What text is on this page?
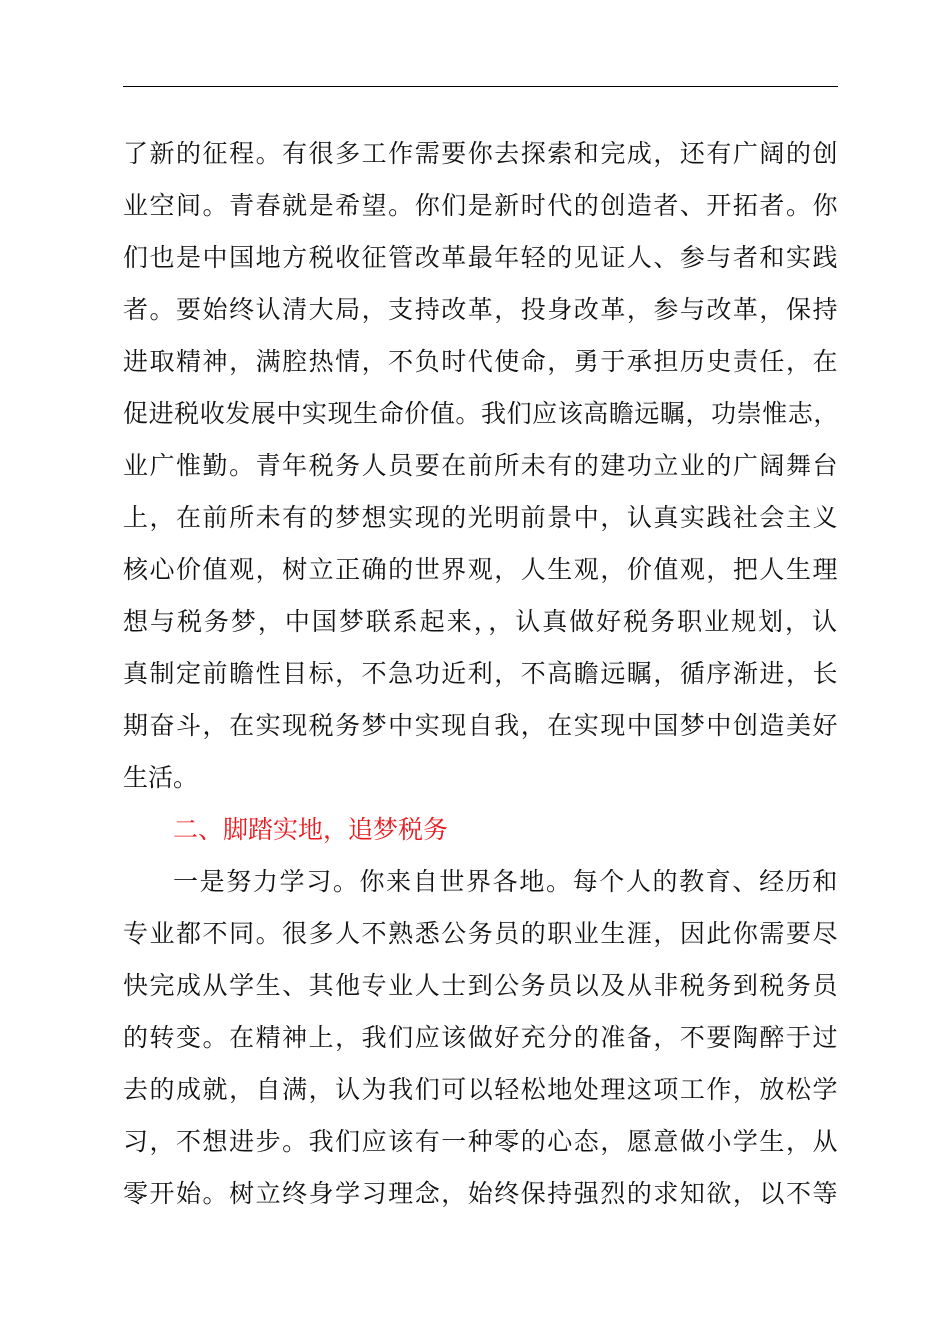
了新的征程。有很多工作需要你去探索和完成，还有广阔的创
业空间。青春就是希望。你们是新时代的创造者、开拓者。你
们也是中国地方税收征管改革最年轻的见证人、参与者和实践
者。要始终认清大局，支持改革，投身改革，参与改革，保持
进取精神，满腔热情，不负时代使命，勇于承担历史责任，在
促进税收发展中实现生命价值。我们应该高瞻远瞩，功崇惟志，
业广惟勤。青年税务人员要在前所未有的建功立业的广阔舞台
上，在前所未有的梦想实现的光明前景中，认真实践社会主义
核心价值观，树立正确的世界观，人生观，价值观，把人生理
想与税务梦，中国梦联系起来，，认真做好税务职业规划，认
真制定前瞻性目标，不急功近利，不高瞻远瞩，循序渐进，长
期奋斗，在实现税务梦中实现自我，在实现中国梦中创造美好
生活。
二、脚踏实地，追梦税务
一是努力学习。你来自世界各地。每个人的教育、经历和
专业都不同。很多人不熟悉公务员的职业生涯，因此你需要尽
快完成从学生、其他专业人士到公务员以及从非税务到税务员
的转变。在精神上，我们应该做好充分的准备，不要陶醉于过
去的成就，自满，认为我们可以轻松地处理这项工作，放松学
习，不想进步。我们应该有一种零的心态，愿意做小学生，从
零开始。树立终身学习理念，始终保持强烈的求知欲，以不等
